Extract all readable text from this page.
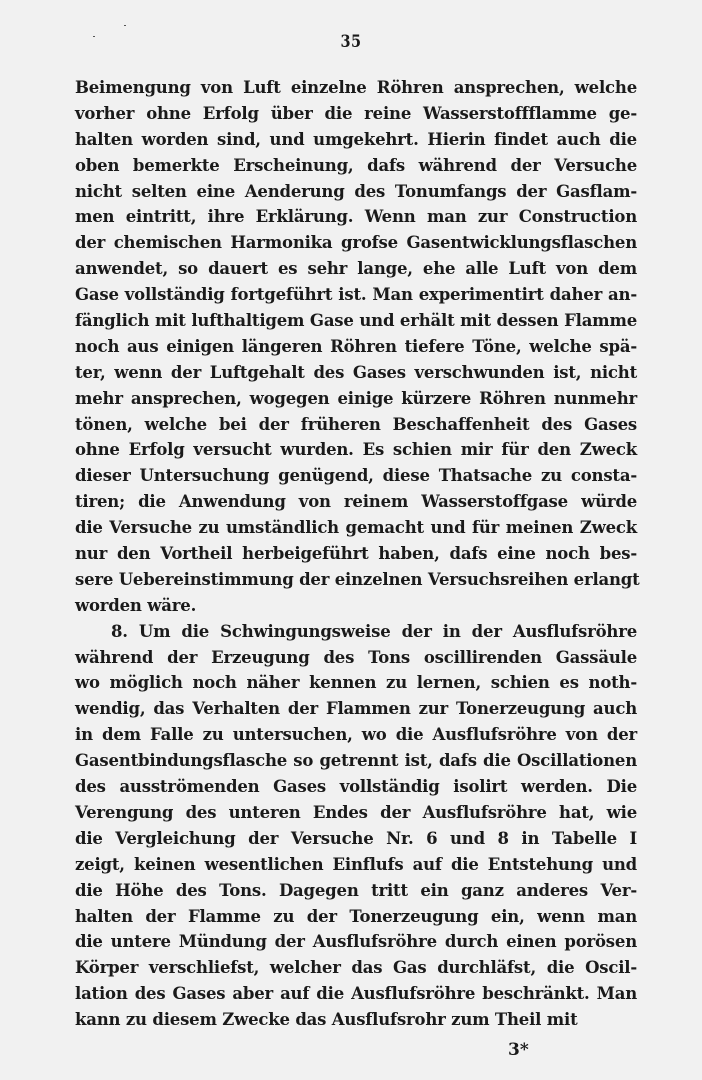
35
Beimengung von Luft einzelne Röhren ansprechen, welche
vorher ohne Erfolg über die reine Wasserstoffflamme ge-
halten worden sind, und umgekehrt. Hierin findet auch die
oben bemerkte Erscheinung, dafs während der Versuche
nicht selten eine Aenderung des Tonumfangs der Gasflam-
men eintritt, ihre Erklärung. Wenn man zur Construction
der chemischen Harmonika grofse Gasentwicklungsflaschen
anwendet, so dauert es sehr lange, ehe alle Luft von dem
Gase vollständig fortgeführt ist. Man experimentirt daher an-
fänglich mit lufthaltigem Gase und erhält mit dessen Flamme
noch aus einigen längeren Röhren tiefere Töne, welche spä-
ter, wenn der Luftgehalt des Gases verschwunden ist, nicht
mehr ansprechen, wogegen einige kürzere Röhren nunmehr
tönen, welche bei der früheren Beschaffenheit des Gases
ohne Erfolg versucht wurden. Es schien mir für den Zweck
dieser Untersuchung genügend, diese Thatsache zu consta-
tiren; die Anwendung von reinem Wasserstoffgase würde
die Versuche zu umständlich gemacht und für meinen Zweck
nur den Vortheil herbeigeführt haben, dafs eine noch bes-
sere Uebereinstimmung der einzelnen Versuchsreihen erlangt
worden wäre.
8. Um die Schwingungsweise der in der Ausflufsröhre
während der Erzeugung des Tons oscillirenden Gassäule
wo möglich noch näher kennen zu lernen, schien es noth-
wendig, das Verhalten der Flammen zur Tonerzeugung auch
in dem Falle zu untersuchen, wo die Ausflufsröhre von der
Gasentbindungsflasche so getrennt ist, dafs die Oscillationen
des ausströmenden Gases vollständig isolirt werden. Die
Verengung des unteren Endes der Ausflufsröhre hat, wie
die Vergleichung der Versuche Nr. 6 und 8 in Tabelle I
zeigt, keinen wesentlichen Einflufs auf die Entstehung und
die Höhe des Tons. Dagegen tritt ein ganz anderes Ver-
halten der Flamme zu der Tonerzeugung ein, wenn man
die untere Mündung der Ausflufsröhre durch einen porösen
Körper verschliefst, welcher das Gas durchläfst, die Oscil-
lation des Gases aber auf die Ausflufsröhre beschränkt. Man
kann zu diesem Zwecke das Ausflufsrohr zum Theil mit
3*
